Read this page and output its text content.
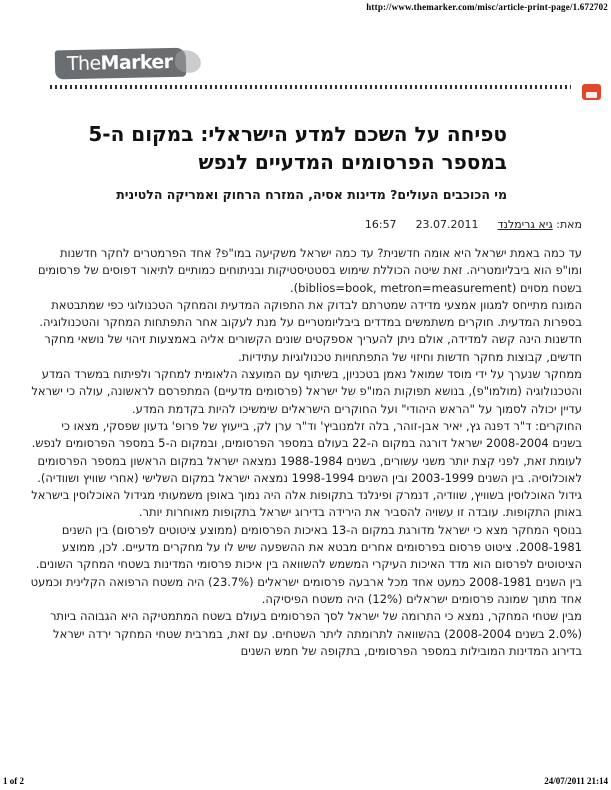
http://www.themarker.com/misc/article-print-page/1.672702
TheMarker
טפיחה על השכם למדע הישראלי: במקום ה-5 במספר הפרסומים המדעיים לנפש
מי הכוכבים העולים? מדינות אסיה, המזרח הרחוק ואמריקה הלטינית
מאת: גיא גרימלנד  23.07.2011  16:57

עד כמה באמת ישראל היא אומה חדשנית? עד כמה ישראל משקיעה במו"פ? אחד הפרמטרים לחקר חדשנות ומו"פ הוא ביבליומטריה. זאת שיטה הכוללת שימוש בסטטיסטיקות ובניתוחים כמותיים לתיאור דפוסים של פרסומים בשטח מסוים (biblios=book, metron=measurement).

המונח מתייחס למגוון אמצעי מדידה שמטרתם לבדוק את התפוקה המדעית והמחקר הטכנולוגי כפי שמתבטאת בספרות המדעית. חוקרים משתמשים במדדים ביבליומטריים על מנת לעקוב אחר התפתחות המחקר והטכנולוגיה. חדשנות הינה קשה למדידה, אולם ניתן להעריך אספקטים שונים הקשורים אליה באמצעות זיהוי של נושאי מחקר חדשים, קבוצות מחקר חדשות וחיזוי של התפתחויות טכנולוגיות עתידיות.

ממחקר שנערך על ידי מוסד שמואל נאמן בטכניון, בשיתוף עם המועצה הלאומית למחקר ולפיתוח במשרד המדע והטכנולוגיה (מולמו"פ), בנושא תפוקות המו"פ של ישראל (פרסומים מדעיים) המתפרסם לראשונה, עולה כי ישראל עדיין יכולה לסמוך על "הראש היהודי" ועל החוקרים הישראלים שימשיכו להיות בקדמת המדע.

החוקרים: ד"ר דפנה גץ, יאיר אבן-זוהר, בלה זלמנוביץ' וד"ר ערן לק, בייעוץ של פרופ' גדעון שפסקי, מצאו כי בשנים 2008-2004 ישראל דורגה במקום ה-22 בעולם במספר הפרסומים, ובמקום ה-5 במספר הפרסומים לנפש. לעומת זאת, לפני קצת יותר משני עשורים, בשנים 1988-1984 נמצאה ישראל במקום הראשון במספר הפרסומים לאוכלוסיה. בין השנים 2003-1999 ובין השנים 1998-1994 נמצאה ישראל במקום השלישי (אחרי שוויץ ושוודיה).

גידול האוכלוסין בשוויץ, שוודיה, דנמרק ופינלנד בתקופות אלה היה נמוך באופן משמעותי מגידול האוכלוסין בישראל באותן התקופות. עובדה זו עשויה להסביר את הירידה בדירוג ישראל בתקופות מאוחרות יותר.

בנוסף המחקר מצא כי ישראל מדורגת במקום ה-13 באיכות הפרסומים (ממוצע ציטוטים לפרסום) בין השנים 2008-1981. ציטוט פרסום בפרסומים אחרים מבטא את ההשפעה שיש לו על מחקרים מדעיים. לכן, ממוצע הציטוטים לפרסום הוא מדד האיכות העיקרי המשמש להשוואה בין איכות פרסומי המדינות בשטחי המחקר השונים.

בין השנים 2008-1981 כמעט אחד מכל ארבעה פרסומים ישראלים (23.7%) היה משטח הרפואה הקלינית וכמעט אחד מתוך שמונה פרסומים ישראלים (12%) היה משטח הפיסיקה.

מבין שטחי המחקר, נמצא כי התרומה של ישראל לסך הפרסומים בעולם בשטח המתמטיקה היא הגבוהה ביותר (2.0% בשנים 2008-2004) בהשוואה לתרומתה ליתר השטחים. עם זאת, במרבית שטחי המחקר ירדה ישראל בדירוג המדינות המובילות במספר הפרסומים, בתקופה של חמש השנים

1 of 2	24/07/2011 21:14
